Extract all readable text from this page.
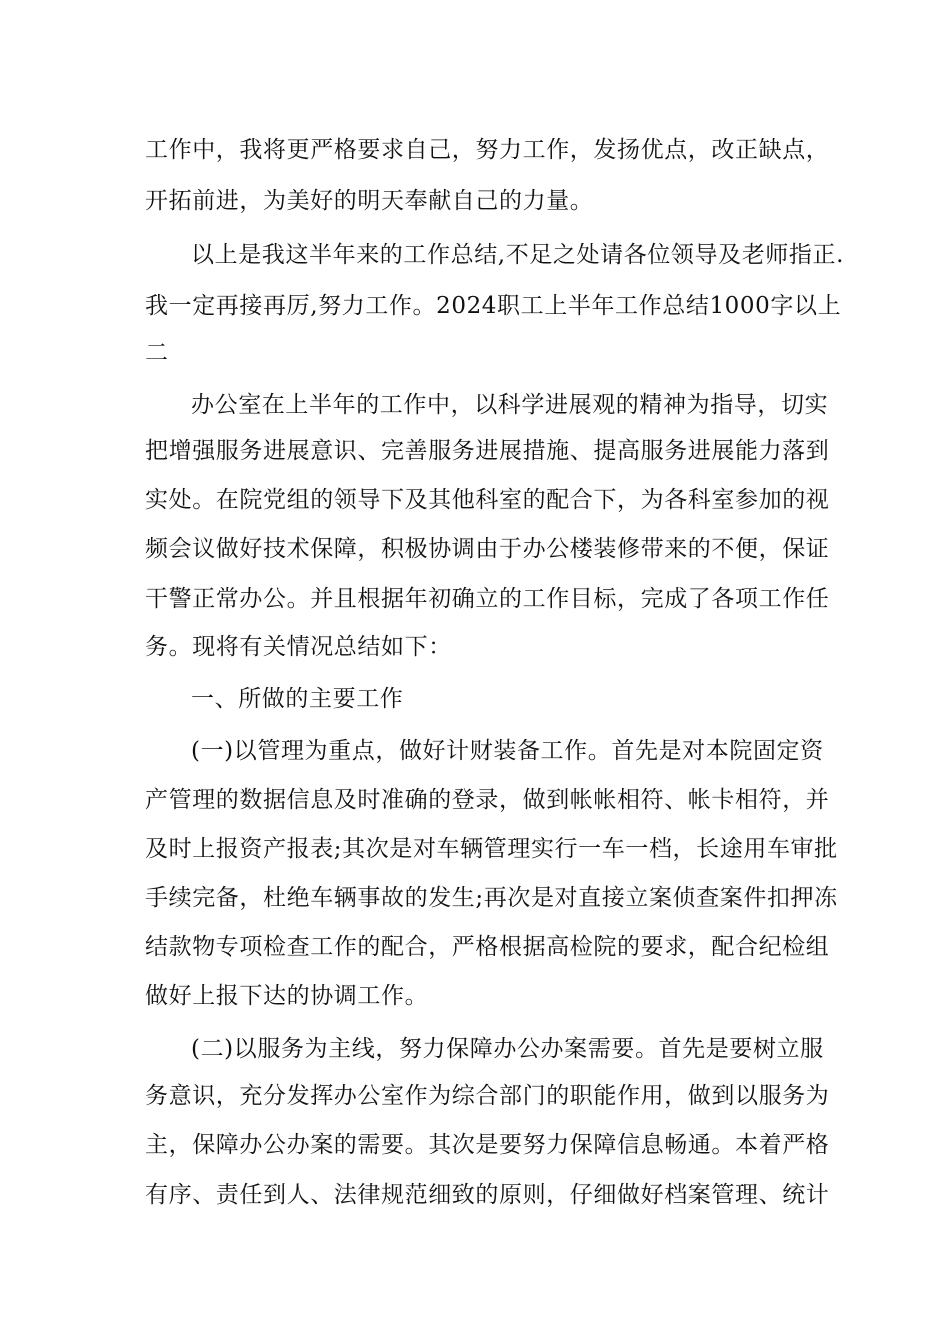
工作中，我将更严格要求自己，努力工作，发扬优点，改正缺点，

开拓前进，为美好的明天奉献自己的力量。

以上是我这半年来的工作总结,不足之处请各位领导及老师指正.

我一定再接再厉,努力工作。2024职工上半年工作总结1000字以上

二

办公室在上半年的工作中，以科学进展观的精神为指导，切实

把增强服务进展意识、完善服务进展措施、提高服务进展能力落到

实处。在院党组的领导下及其他科室的配合下，为各科室参加的视

频会议做好技术保障，积极协调由于办公楼装修带来的不便，保证

干警正常办公。并且根据年初确立的工作目标，完成了各项工作任

务。现将有关情况总结如下：

一、所做的主要工作

(一)以管理为重点，做好计财装备工作。首先是对本院固定资

产管理的数据信息及时准确的登录，做到帐帐相符、帐卡相符，并

及时上报资产报表;其次是对车辆管理实行一车一档，长途用车审批

手续完备，杜绝车辆事故的发生;再次是对直接立案侦查案件扣押冻

结款物专项检查工作的配合，严格根据高检院的要求，配合纪检组

做好上报下达的协调工作。

(二)以服务为主线，努力保障办公办案需要。首先是要树立服

务意识，充分发挥办公室作为综合部门的职能作用，做到以服务为

主，保障办公办案的需要。其次是要努力保障信息畅通。本着严格

有序、责任到人、法律规范细致的原则，仔细做好档案管理、统计
